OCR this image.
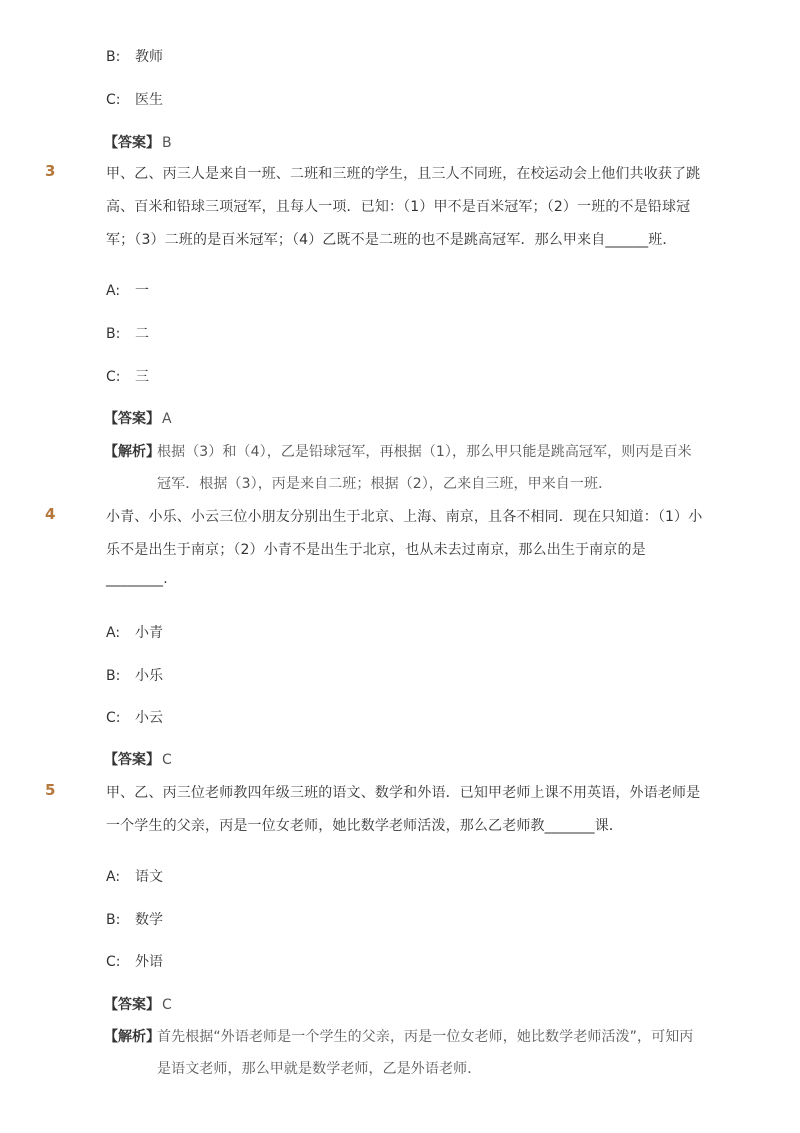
B: 教师
C: 医生
【答案】 B
3	甲、乙、丙三人是来自一班、二班和三班的学生，且三人不同班，在校运动会上他们共收获了跳
高、百米和铅球三项冠军，且每人一项．已知：（1）甲不是百米冠军；（2）一班的不是铅球冠
军；（3）二班的是百米冠军；（4）乙既不是二班的也不是跳高冠军．那么甲来自______班．
A: 一
B: 二
C: 三
【答案】 A
【解析】
根据（3）和（4），乙是铅球冠军，再根据（1），那么甲只能是跳高冠军，则丙是百米
冠军．根据（3），丙是来自二班；根据（2），乙来自三班，甲来自一班．
4	小青、小乐、小云三位小朋友分别出生于北京、上海、南京，且各不相同．现在只知道：（1）小
乐不是出生于南京；（2）小青不是出生于北京，也从未去过南京，那么出生于南京的是
________.
A: 小青
B: 小乐
C: 小云
【答案】 C
5	甲、乙、丙三位老师教四年级三班的语文、数学和外语．已知甲老师上课不用英语，外语老师是
一个学生的父亲，丙是一位女老师，她比数学老师活泼，那么乙老师教_______课．
A: 语文
B: 数学
C: 外语
【答案】 C
【解析】
首先根据“外语老师是一个学生的父亲，丙是一位女老师，她比数学老师活泼”，可知丙
是语文老师，那么甲就是数学老师，乙是外语老师．
